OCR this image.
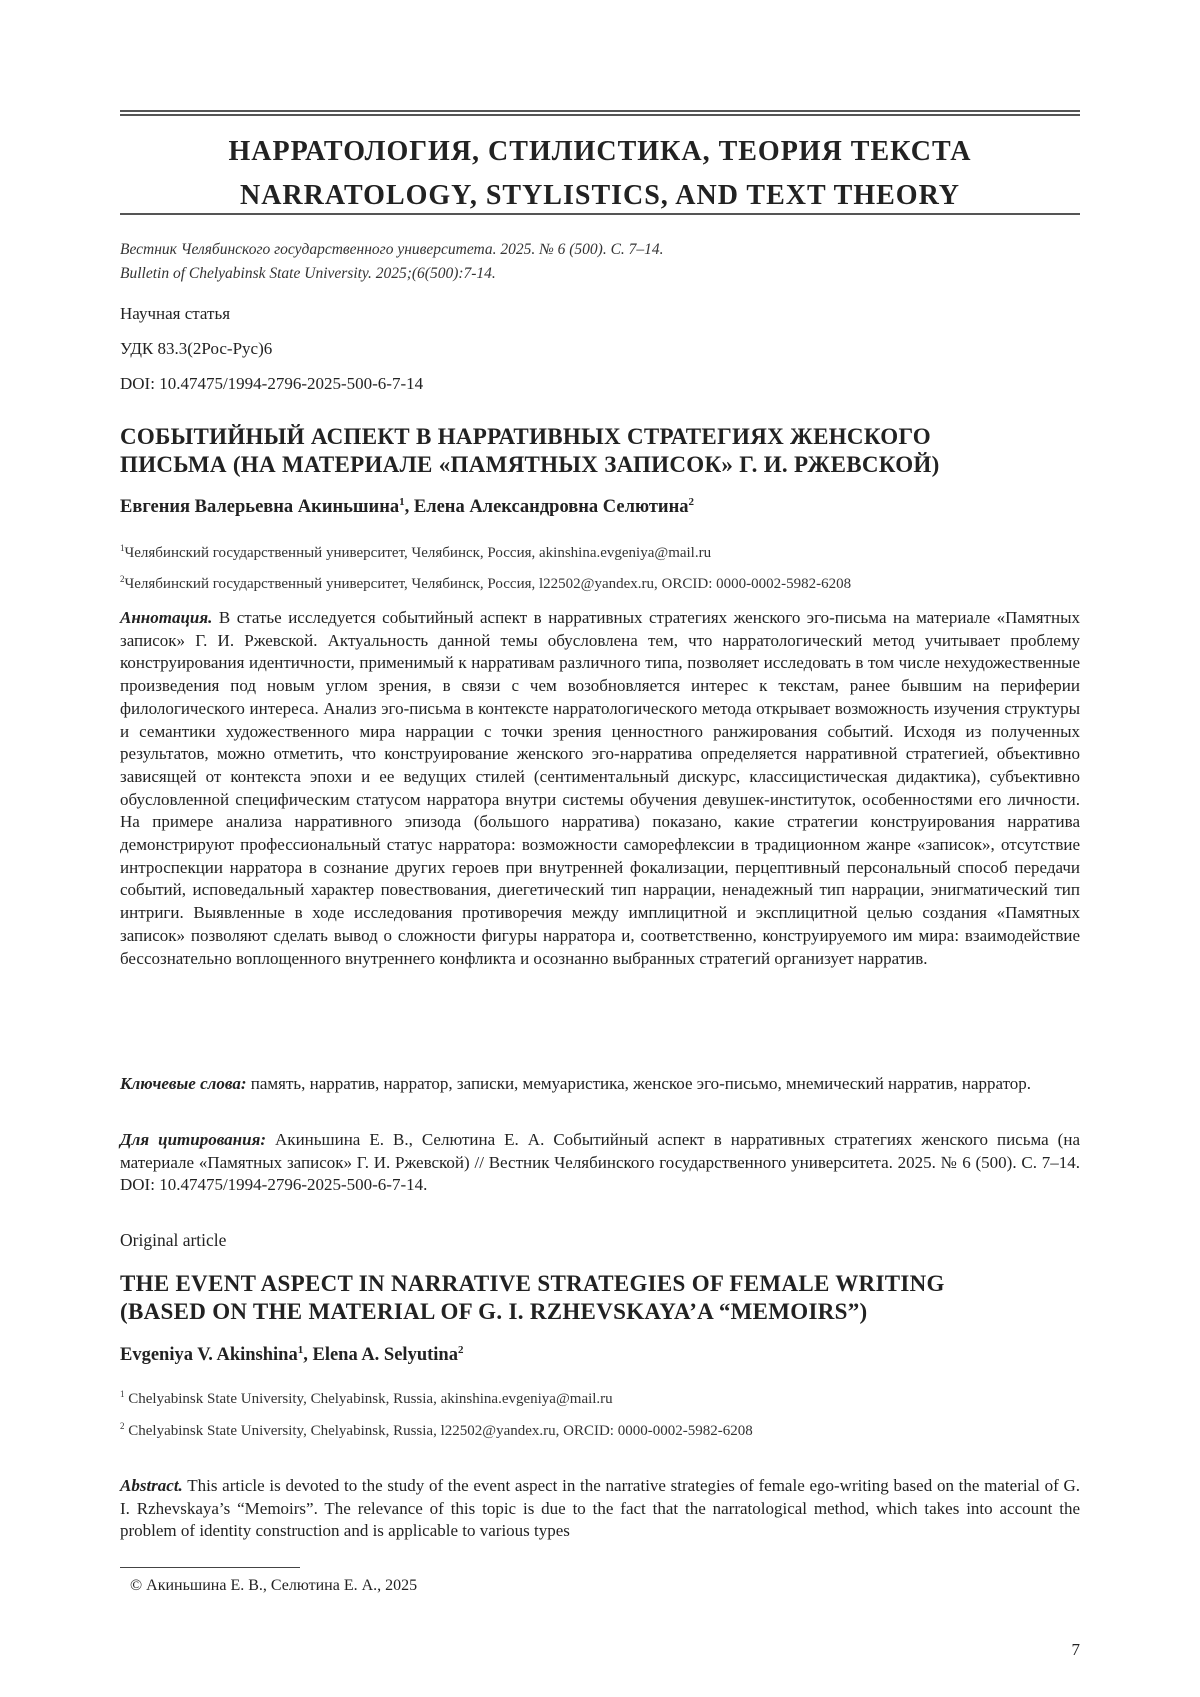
НАРРАТОЛОГИЯ, СТИЛИСТИКА, ТЕОРИЯ ТЕКСТА
NARRATOLOGY, STYLISTICS, AND TEXT THEORY
Вестник Челябинского государственного университета. 2025. № 6 (500). С. 7–14.
Bulletin of Chelyabinsk State University. 2025;(6(500):7-14.
Научная статья
УДК 83.3(2Рос-Рус)6
DOI: 10.47475/1994-2796-2025-500-6-7-14
СОБЫТИЙНЫЙ АСПЕКТ В НАРРАТИВНЫХ СТРАТЕГИЯХ ЖЕНСКОГО
ПИСЬМА (НА МАТЕРИАЛЕ «ПАМЯТНЫХ ЗАПИСОК» Г. И. РЖЕВСКОЙ)
Евгения Валерьевна Акиньшина$^1$, Елена Александровна Селютина$^2$
$^1$Челябинский государственный университет, Челябинск, Россия, akinshina.evgeniya@mail.ru
$^2$Челябинский государственный университет, Челябинск, Россия, l22502@yandex.ru, ORCID: 0000-0002-5982-6208
Аннотация. В статье исследуется событийный аспект в нарративных стратегиях женского эго-письма на материале «Памятных записок» Г. И. Ржевской. Актуальность данной темы обусловлена тем, что нарратологический метод учитывает проблему конструирования идентичности, применимый к нарративам различного типа, позволяет исследовать в том числе нехудожественные произведения под новым углом зрения, в связи с чем возобновляется интерес к текстам, ранее бывшим на периферии филологического интереса. Анализ эго-письма в контексте нарратологического метода открывает возможность изучения структуры и семантики художественного мира наррации с точки зрения ценностного ранжирования событий. Исходя из полученных результатов, можно отметить, что конструирование женского эго-нарратива определяется нарративной стратегией, объективно зависящей от контекста эпохи и ее ведущих стилей (сентиментальный дискурс, классицистическая дидактика), субъективно обусловленной специфическим статусом нарратора внутри системы обучения девушек-институток, особенностями его личности. На примере анализа нарративного эпизода (большого нарратива) показано, какие стратегии конструирования нарратива демонстрируют профессиональный статус нарратора: возможности саморефлексии в традиционном жанре «записок», отсутствие интроспекции нарратора в сознание других героев при внутренней фокализации, перцептивный персональный способ передачи событий, исповедальный характер повествования, диегетический тип наррации, ненадежный тип наррации, энигматический тип интриги. Выявленные в ходе исследования противоречия между имплицитной и эксплицитной целью создания «Памятных записок» позволяют сделать вывод о сложности фигуры нарратора и, соответственно, конструируемого им мира: взаимодействие бессознательно воплощенного внутреннего конфликта и осознанно выбранных стратегий организует нарратив.
Ключевые слова: память, нарратив, нарратор, записки, мемуаристика, женское эго-письмо, мнемический нарратив, нарратор.
Для цитирования: Акиньшина Е. В., Селютина Е. А. Событийный аспект в нарративных стратегиях женского письма (на материале «Памятных записок» Г. И. Ржевской) // Вестник Челябинского государственного университета. 2025. № 6 (500). С. 7–14. DOI: 10.47475/1994-2796-2025-500-6-7-14.
Original article
THE EVENT ASPECT IN NARRATIVE STRATEGIES OF FEMALE WRITING
(BASED ON THE MATERIAL OF G. I. RZHEVSKAYA’A “MEMOIRS”)
Evgeniya V. Akinshina$^1$, Elena A. Selyutina$^2$
$^1$ Chelyabinsk State University, Chelyabinsk, Russia, akinshina.evgeniya@mail.ru
$^2$ Chelyabinsk State University, Chelyabinsk, Russia, l22502@yandex.ru, ORCID: 0000-0002-5982-6208
Abstract. This article is devoted to the study of the event aspect in the narrative strategies of female ego-writing based on the material of G. I. Rzhevskaya’s “Memoirs”. The relevance of this topic is due to the fact that the narratological method, which takes into account the problem of identity construction and is applicable to various types
© Акиньшина Е. В., Селютина Е. А., 2025
7
